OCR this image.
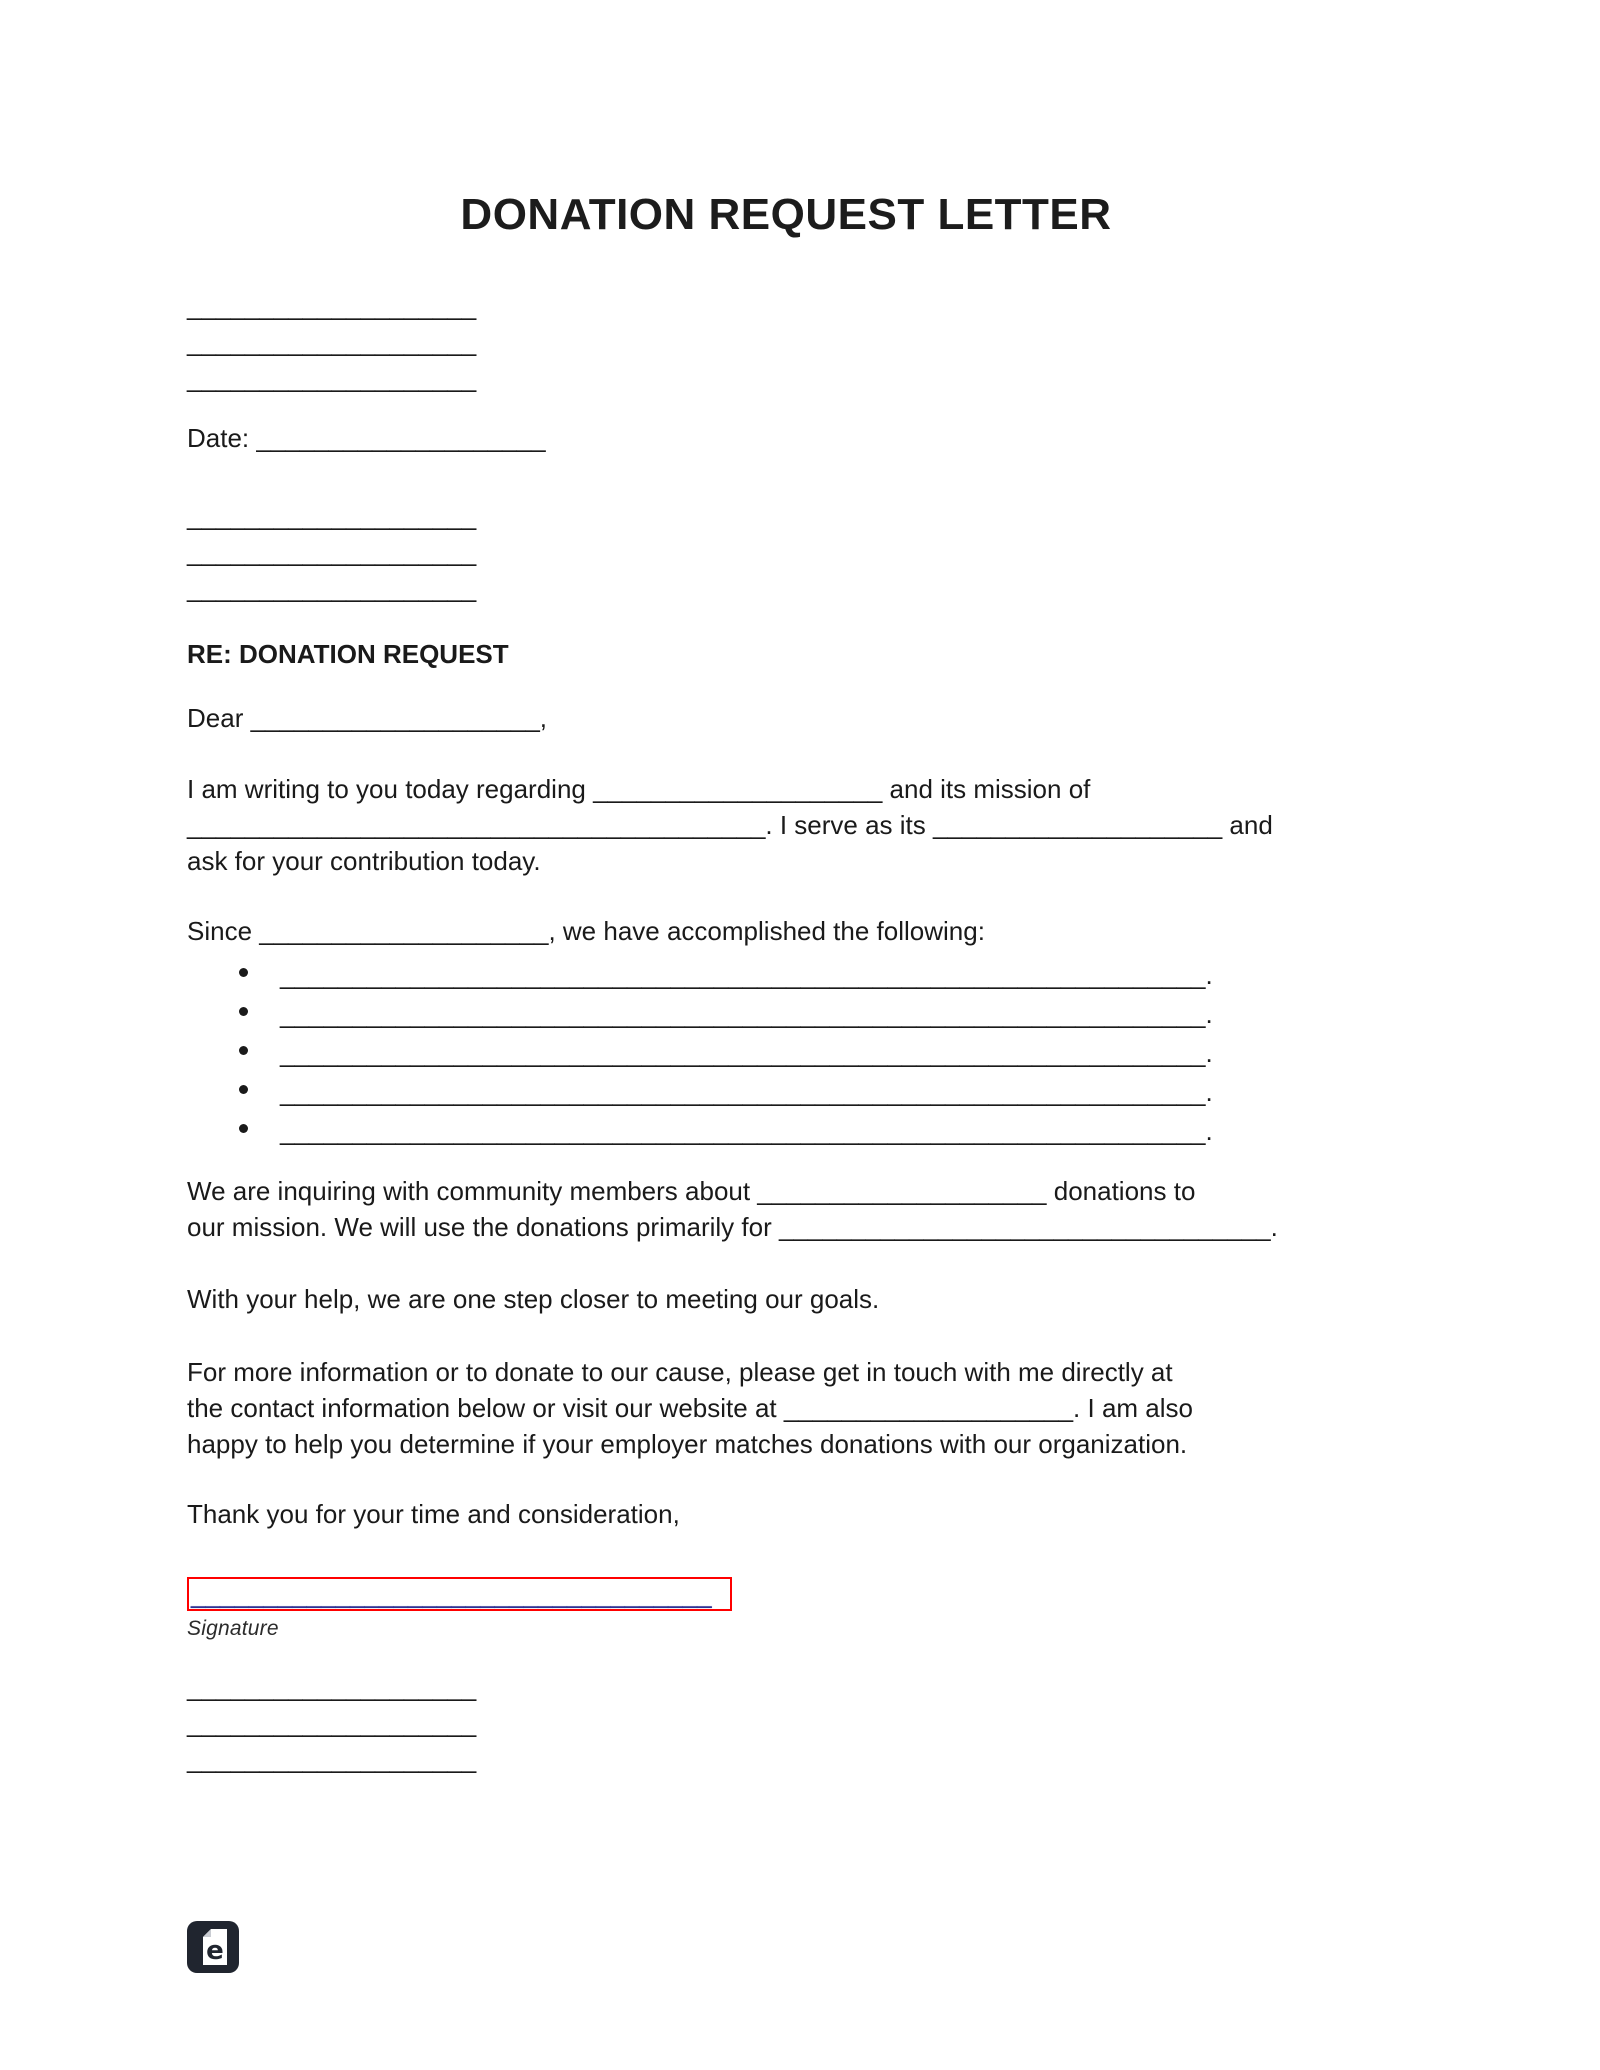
DONATION REQUEST LETTER
____________________
____________________
____________________
Date: ____________________
____________________
____________________
____________________
RE: DONATION REQUEST
Dear ____________________,
I am writing to you today regarding ____________________ and its mission of
________________________________________. I serve as its ____________________ and
ask for your contribution today.
Since ____________________, we have accomplished the following:
________________________________________________________________.
________________________________________________________________.
________________________________________________________________.
________________________________________________________________.
________________________________________________________________.
We are inquiring with community members about ____________________ donations to
our mission. We will use the donations primarily for __________________________________.
With your help, we are one step closer to meeting our goals.
For more information or to donate to our cause, please get in touch with me directly at
the contact information below or visit our website at ____________________. I am also
happy to help you determine if your employer matches donations with our organization.
Thank you for your time and consideration,
____________________________________
Signature
____________________
____________________
____________________
e
